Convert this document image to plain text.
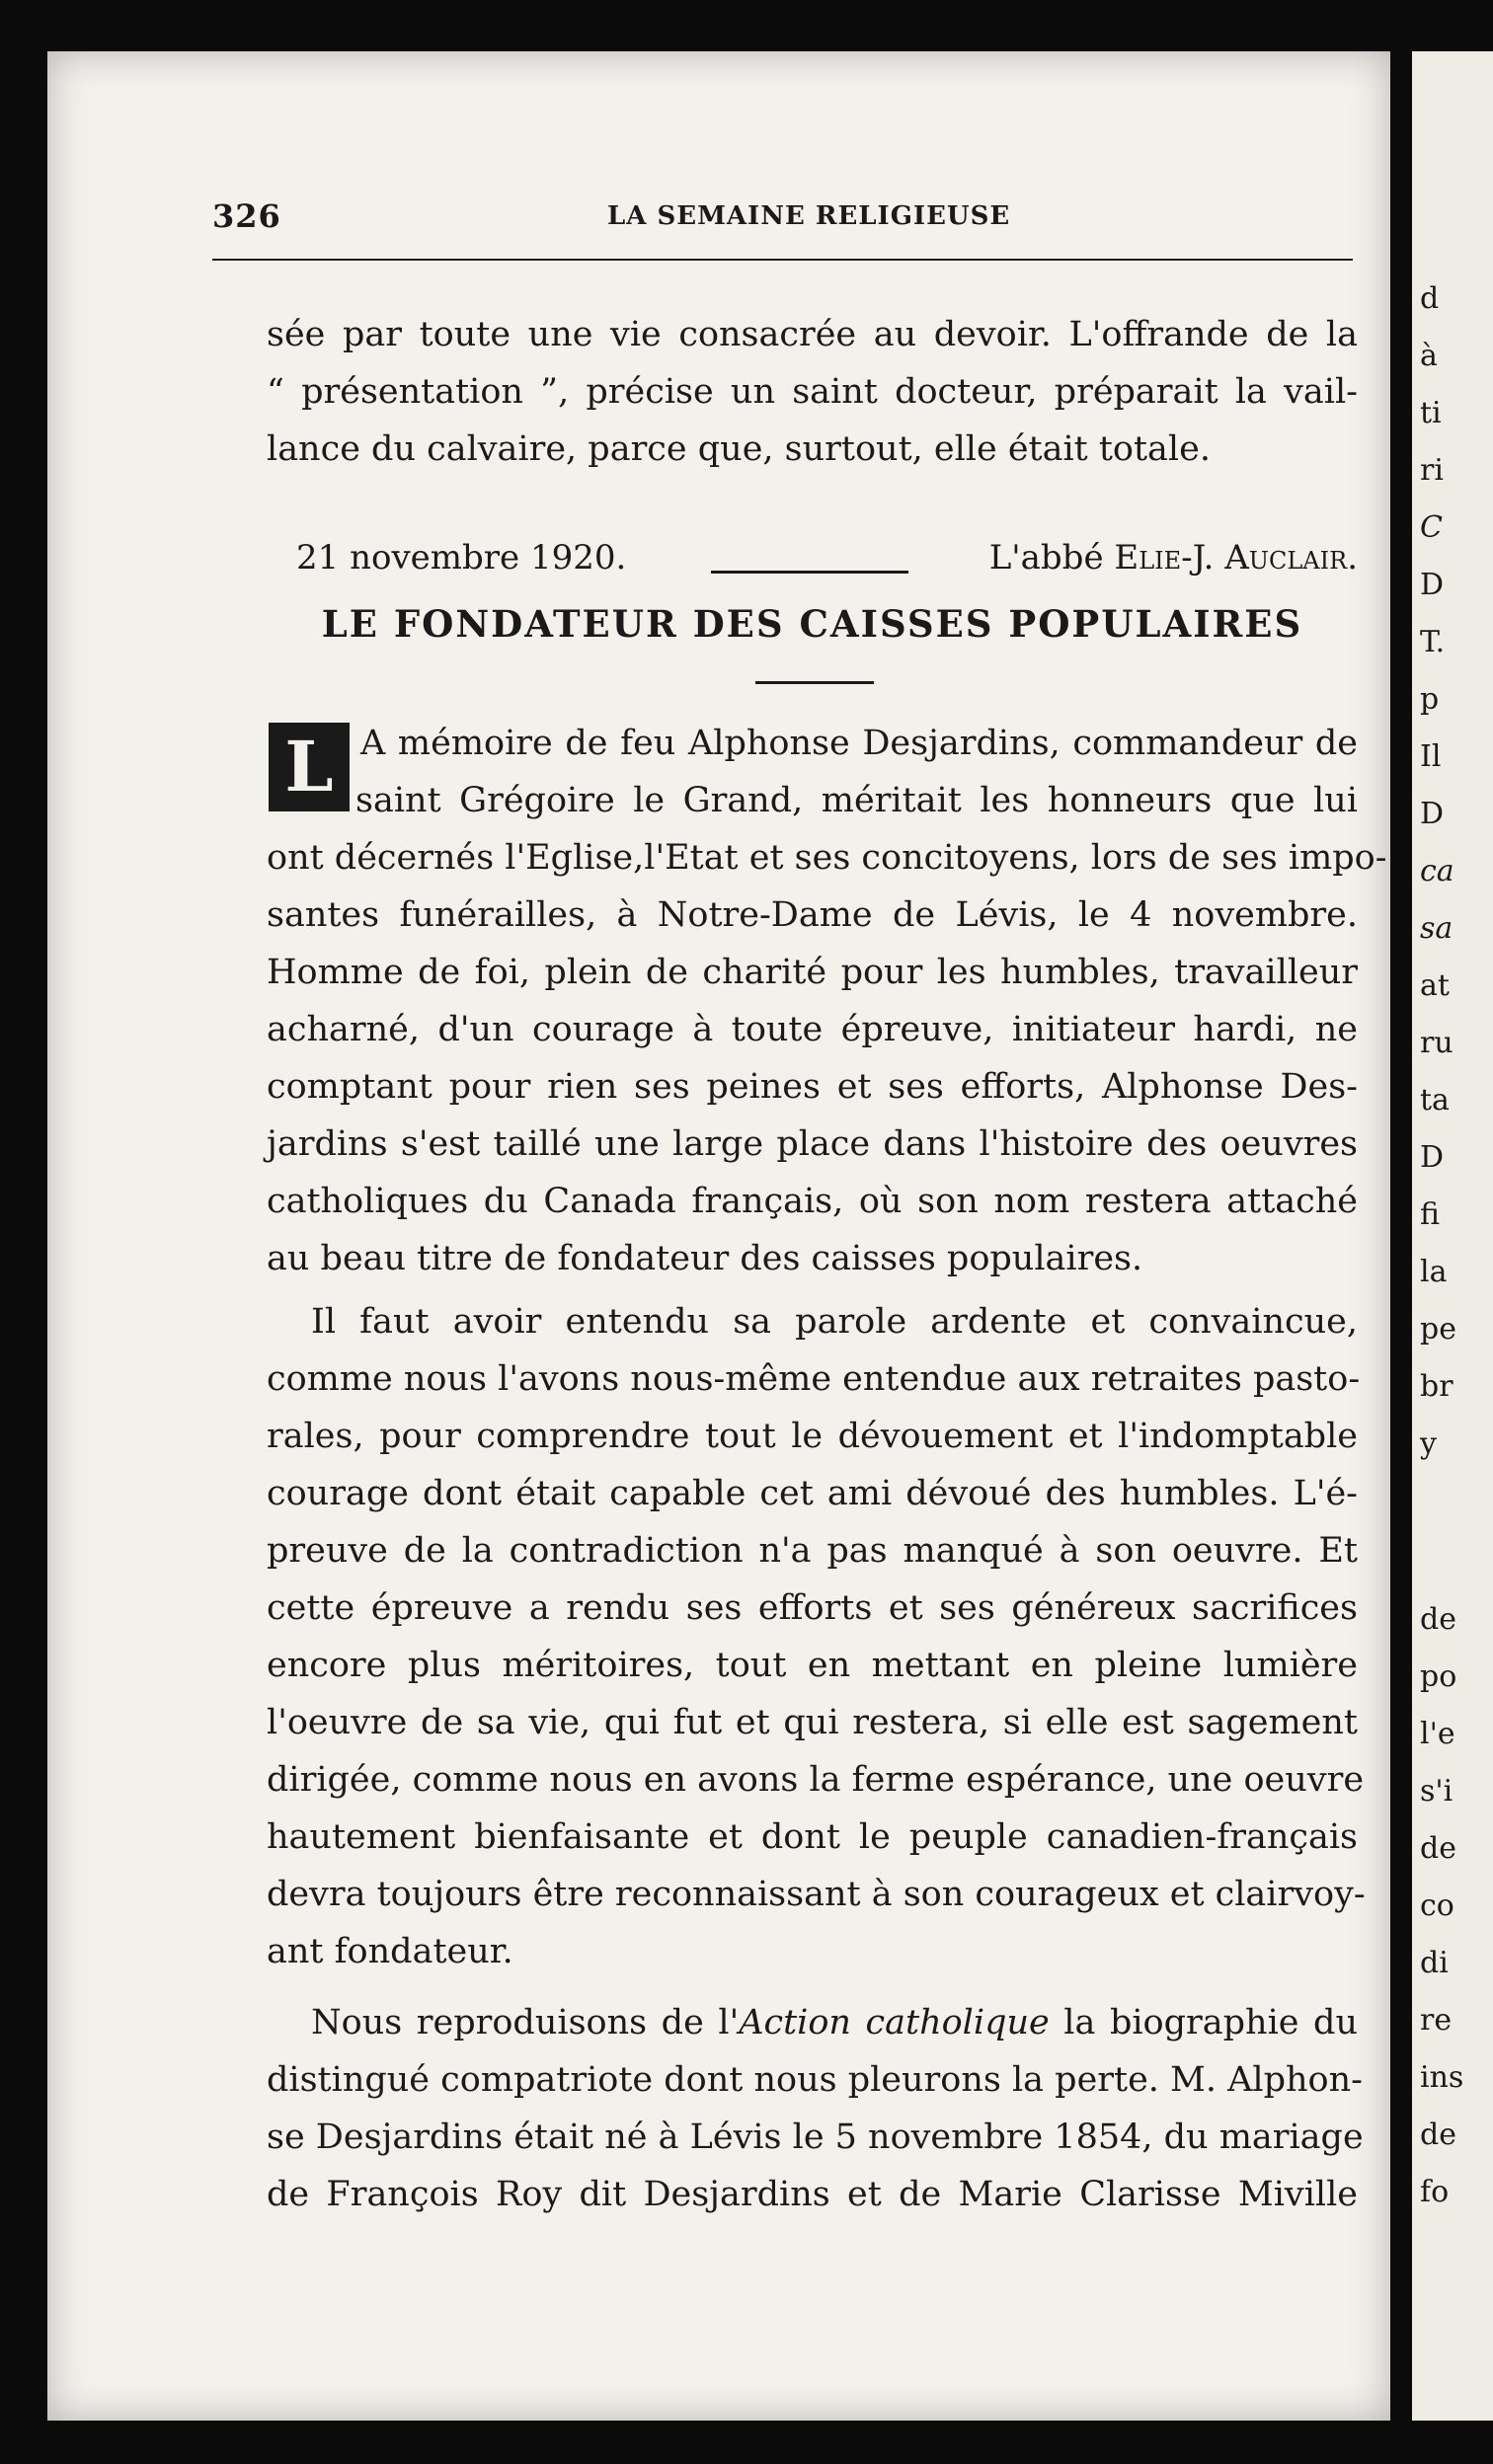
326	LA SEMAINE RELIGIEUSE
sée par toute une vie consacrée au devoir. L'offrande de la
“ présentation ”, précise un saint docteur, préparait la vail-
lance du calvaire, parce que, surtout, elle était totale.
21 novembre 1920.	L'abbé Elie-J. Auclair.
LE FONDATEUR DES CAISSES POPULAIRES
L A mémoire de feu Alphonse Desjardins, commandeur de
saint Grégoire le Grand, méritait les honneurs que lui
ont décernés l'Eglise,l'Etat et ses concitoyens, lors de ses impo-
santes funérailles, à Notre-Dame de Lévis, le 4 novembre.
Homme de foi, plein de charité pour les humbles, travailleur
acharné, d'un courage à toute épreuve, initiateur hardi, ne
comptant pour rien ses peines et ses efforts, Alphonse Des-
jardins s'est taillé une large place dans l'histoire des oeuvres
catholiques du Canada français, où son nom restera attaché
au beau titre de fondateur des caisses populaires.
Il faut avoir entendu sa parole ardente et convaincue,
comme nous l'avons nous-même entendue aux retraites pasto-
rales, pour comprendre tout le dévouement et l'indomptable
courage dont était capable cet ami dévoué des humbles. L'é-
preuve de la contradiction n'a pas manqué à son oeuvre. Et
cette épreuve a rendu ses efforts et ses généreux sacrifices
encore plus méritoires, tout en mettant en pleine lumière
l'oeuvre de sa vie, qui fut et qui restera, si elle est sagement
dirigée, comme nous en avons la ferme espérance, une oeuvre
hautement bienfaisante et dont le peuple canadien-français
devra toujours être reconnaissant à son courageux et clairvoy-
ant fondateur.
Nous reproduisons de l'Action catholique la biographie du
distingué compatriote dont nous pleurons la perte. M. Alphon-
se Desjardins était né à Lévis le 5 novembre 1854, du mariage
de François Roy dit Desjardins et de Marie Clarisse Miville
d
à
ti
ri
C
D
T.
p
Il
D
ca
sa
at
ru
ta
D
fi
la
pe
br
y
de
po
l'e
s'i
de
co
di
re
ins
de
fo
